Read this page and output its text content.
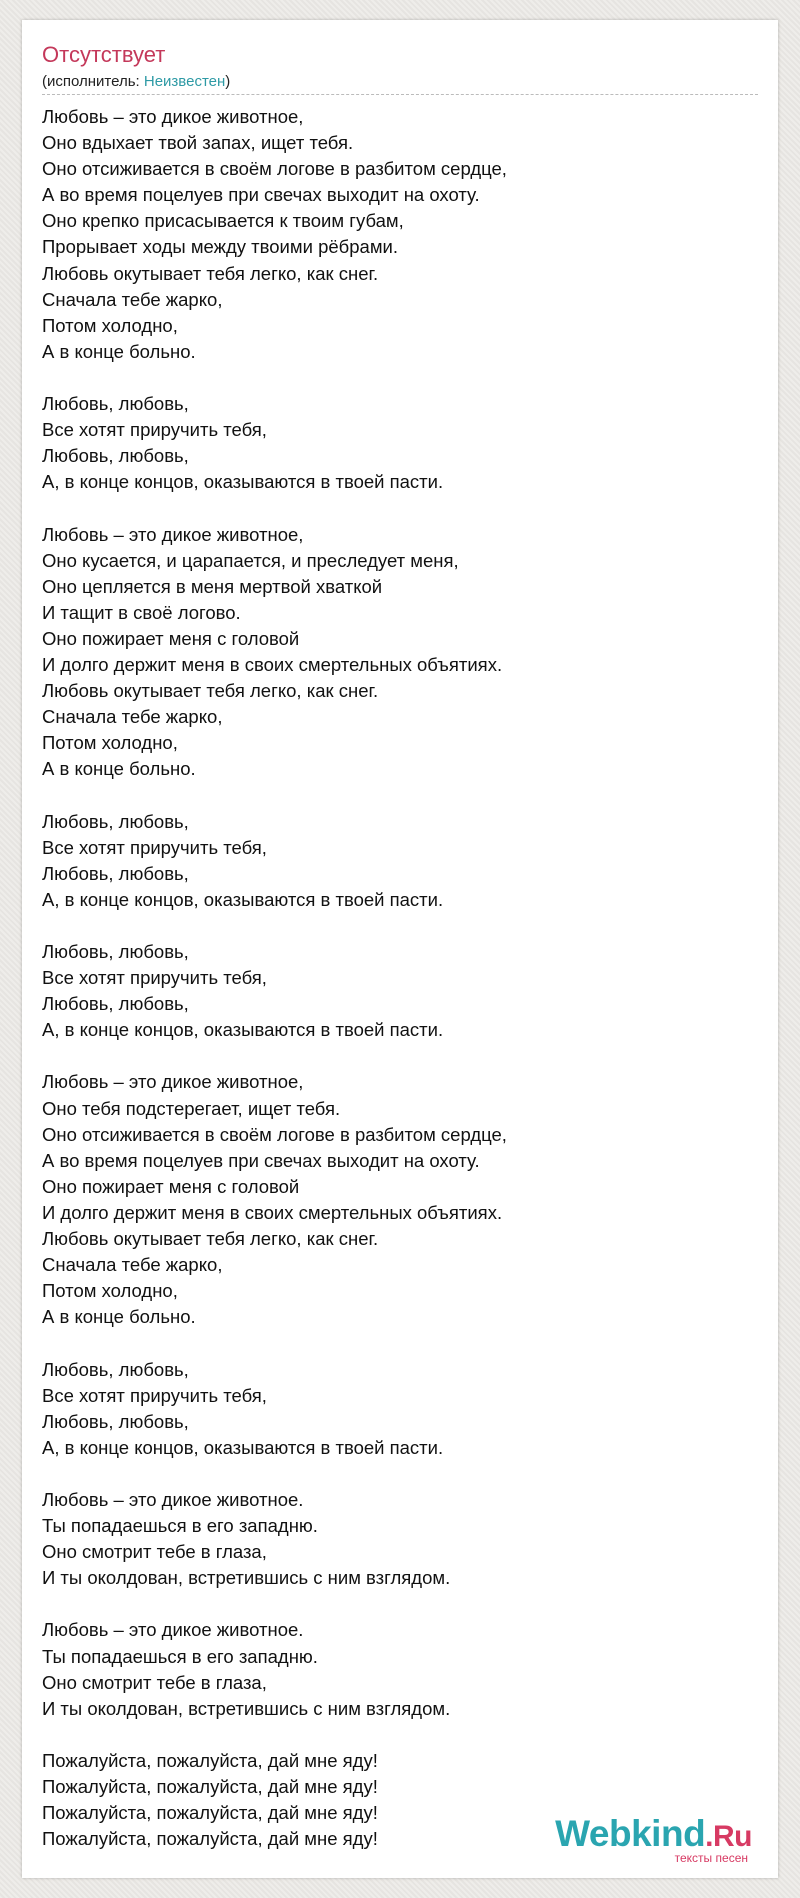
Отсутствует
(исполнитель: Неизвестен)
Любовь – это дикое животное,
Оно вдыхает твой запах, ищет тебя.
Оно отсиживается в своём логове в разбитом сердце,
А во время поцелуев при свечах выходит на охоту.
Оно крепко присасывается к твоим губам,
Прорывает ходы между твоими рёбрами.
Любовь окутывает тебя легко, как снег.
Сначала тебе жарко,
Потом холодно,
А в конце больно.
Любовь, любовь,
Все хотят приручить тебя,
Любовь, любовь,
А, в конце концов, оказываются в твоей пасти.
Любовь – это дикое животное,
Оно кусается, и царапается, и преследует меня,
Оно цепляется в меня мертвой хваткой
И тащит в своё логово.
Оно пожирает меня с головой
И долго держит меня в своих смертельных объятиях.
Любовь окутывает тебя легко, как снег.
Сначала тебе жарко,
Потом холодно,
А в конце больно.
Любовь, любовь,
Все хотят приручить тебя,
Любовь, любовь,
А, в конце концов, оказываются в твоей пасти.
Любовь, любовь,
Все хотят приручить тебя,
Любовь, любовь,
А, в конце концов, оказываются в твоей пасти.
Любовь – это дикое животное,
Оно тебя подстерегает, ищет тебя.
Оно отсиживается в своём логове в разбитом сердце,
А во время поцелуев при свечах выходит на охоту.
Оно пожирает меня с головой
И долго держит меня в своих смертельных объятиях.
Любовь окутывает тебя легко, как снег.
Сначала тебе жарко,
Потом холодно,
А в конце больно.
Любовь, любовь,
Все хотят приручить тебя,
Любовь, любовь,
А, в конце концов, оказываются в твоей пасти.
Любовь – это дикое животное.
Ты попадаешься в его западню.
Оно смотрит тебе в глаза,
И ты околдован, встретившись с ним взглядом.
Любовь – это дикое животное.
Ты попадаешься в его западню.
Оно смотрит тебе в глаза,
И ты околдован, встретившись с ним взглядом.
Пожалуйста, пожалуйста, дай мне яду!
Пожалуйста, пожалуйста, дай мне яду!
Пожалуйста, пожалуйста, дай мне яду!
Пожалуйста, пожалуйста, дай мне яду!	Webkind.Ru
тексты песен
